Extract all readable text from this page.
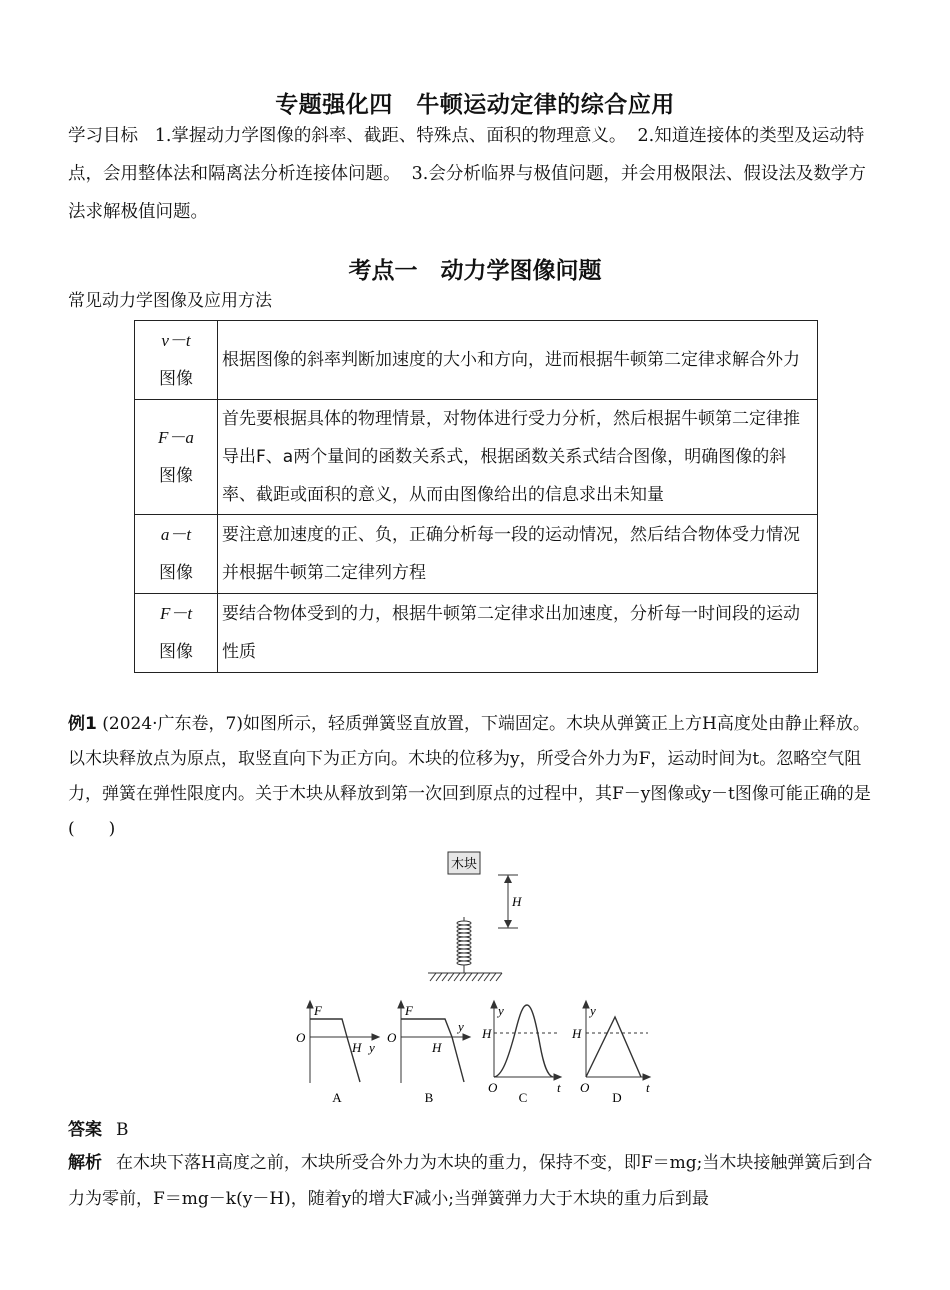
专题强化四　牛顿运动定律的综合应用
学习目标 1.掌握动力学图像的斜率、截距、特殊点、面积的物理意义。 2.知道连接体的类型及运动特点，会用整体法和隔离法分析连接体问题。 3.会分析临界与极值问题，并会用极限法、假设法及数学方法求解极值问题。
考点一　动力学图像问题
常见动力学图像及应用方法
v－t
图像	根据图像的斜率判断加速度的大小和方向，进而根据牛顿第二定律求解合外力
F－a
图像	首先要根据具体的物理情景，对物体进行受力分析，然后根据牛顿第二定律推导出F、a两个量间的函数关系式，根据函数关系式结合图像，明确图像的斜率、截距或面积的意义，从而由图像给出的信息求出未知量
a－t
图像	要注意加速度的正、负，正确分析每一段的运动情况，然后结合物体受力情况并根据牛顿第二定律列方程
F－t
图像	要结合物体受到的力，根据牛顿第二定律求出加速度，分析每一时间段的运动性质
例1 (2024·广东卷，7)如图所示，轻质弹簧竖直放置，下端固定。木块从弹簧正上方H高度处由静止释放。以木块释放点为原点，取竖直向下为正方向。木块的位移为y，所受合外力为F，运动时间为t。忽略空气阻力，弹簧在弹性限度内。关于木块从释放到第一次回到原点的过程中，其F－y图像或y－t图像可能正确的是(　　)
木块
H
F
O
H y
A
F
O
H
y
B
y
H
O	t
C
y
H
O	t
D
答案 B
解析 在木块下落H高度之前，木块所受合外力为木块的重力，保持不变，即F＝mg;当木块接触弹簧后到合力为零前，F＝mg－k(y－H)，随着y的增大F减小;当弹簧弹力大于木块的重力后到最
